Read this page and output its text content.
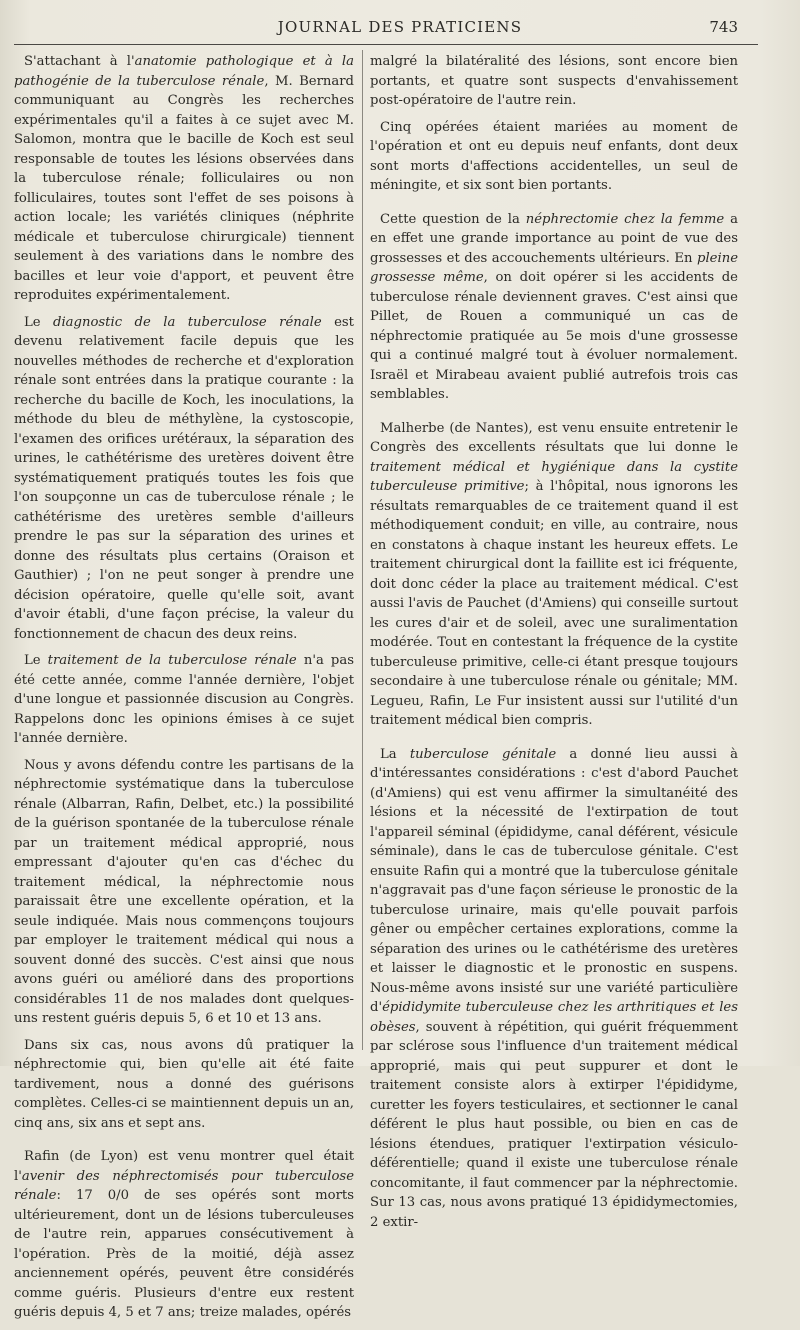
JOURNAL DES PRATICIENS	743

S'attachant à l'anatomie pathologique et à la pathogénie de la tuberculose rénale, M. Bernard communiquant au Congrès les recherches expérimentales qu'il a faites à ce sujet avec M. Salomon, montra que le bacille de Koch est seul responsable de toutes les lésions observées dans la tuberculose rénale; folliculaires ou non folliculaires, toutes sont l'effet de ses poisons à action locale; les variétés cliniques (néphrite médicale et tuberculose chirurgicale) tiennent seulement à des variations dans le nombre des bacilles et leur voie d'apport, et peuvent être reproduites expérimentalement.

Le diagnostic de la tuberculose rénale est devenu relativement facile depuis que les nouvelles méthodes de recherche et d'exploration rénale sont entrées dans la pratique courante : la recherche du bacille de Koch, les inoculations, la méthode du bleu de méthylène, la cystoscopie, l'examen des orifices urétéraux, la séparation des urines, le cathétérisme des uretères doivent être systématiquement pratiqués toutes les fois que l'on soupçonne un cas de tuberculose rénale ; le cathétérisme des uretères semble d'ailleurs prendre le pas sur la séparation des urines et donne des résultats plus certains (Oraison et Gauthier) ; l'on ne peut songer à prendre une décision opératoire, quelle qu'elle soit, avant d'avoir établi, d'une façon précise, la valeur du fonctionnement de chacun des deux reins.

Le traitement de la tuberculose rénale n'a pas été cette année, comme l'année dernière, l'objet d'une longue et passionnée discusion au Congrès. Rappelons donc les opinions émises à ce sujet l'année dernière.

Nous y avons défendu contre les partisans de la néphrectomie systématique dans la tuberculose rénale (Albarran, Rafin, Delbet, etc.) la possibilité de la guérison spontanée de la tuberculose rénale par un traitement médical approprié, nous empressant d'ajouter qu'en cas d'échec du traitement médical, la néphrectomie nous paraissait être une excellente opération, et la seule indiquée. Mais nous commençons toujours par employer le traitement médical qui nous a souvent donné des succès. C'est ainsi que nous avons guéri ou amélioré dans des proportions considérables 11 de nos malades dont quelques-uns restent guéris depuis 5, 6 et 10 et 13 ans.

Dans six cas, nous avons dû pratiquer la néphrectomie qui, bien qu'elle ait été faite tardivement, nous a donné des guérisons complètes. Celles-ci se maintiennent depuis un an, cinq ans, six ans et sept ans.

Rafin (de Lyon) est venu montrer quel était l'avenir des néphrectomisés pour tuberculose rénale: 17 0/0 de ses opérés sont morts ultérieurement, dont un de lésions tuberculeuses de l'autre rein, apparues consécutivement à l'opération. Près de la moitié, déjà assez anciennement opérés, peuvent être considérés comme guéris. Plusieurs d'entre eux restent guéris depuis 4, 5 et 7 ans; treize malades, opérés

malgré la bilatéralité des lésions, sont encore bien portants, et quatre sont suspects d'envahissement post-opératoire de l'autre rein.

Cinq opérées étaient mariées au moment de l'opération et ont eu depuis neuf enfants, dont deux sont morts d'affections accidentelles, un seul de méningite, et six sont bien portants.

Cette question de la néphrectomie chez la femme a en effet une grande importance au point de vue des grossesses et des accouchements ultérieurs. En pleine grossesse même, on doit opérer si les accidents de tuberculose rénale deviennent graves. C'est ainsi que Pillet, de Rouen a communiqué un cas de néphrectomie pratiquée au 5e mois d'une grossesse qui a continué malgré tout à évoluer normalement. Israël et Mirabeau avaient publié autrefois trois cas semblables.

Malherbe (de Nantes), est venu ensuite entretenir le Congrès des excellents résultats que lui donne le traitement médical et hygiénique dans la cystite tuberculeuse primitive; à l'hôpital, nous ignorons les résultats remarquables de ce traitement quand il est méthodiquement conduit; en ville, au contraire, nous en constatons à chaque instant les heureux effets. Le traitement chirurgical dont la faillite est ici fréquente, doit donc céder la place au traitement médical. C'est aussi l'avis de Pauchet (d'Amiens) qui conseille surtout les cures d'air et de soleil, avec une suralimentation modérée. Tout en contestant la fréquence de la cystite tuberculeuse primitive, celle-ci étant presque toujours secondaire à une tuberculose rénale ou génitale; MM. Legueu, Rafin, Le Fur insistent aussi sur l'utilité d'un traitement médical bien compris.

La tuberculose génitale a donné lieu aussi à d'intéressantes considérations : c'est d'abord Pauchet (d'Amiens) qui est venu affirmer la simultanéité des lésions et la nécessité de l'extirpation de tout l'appareil séminal (épididyme, canal déférent, vésicule séminale), dans le cas de tuberculose génitale. C'est ensuite Rafin qui a montré que la tuberculose génitale n'aggravait pas d'une façon sérieuse le pronostic de la tuberculose urinaire, mais qu'elle pouvait parfois gêner ou empêcher certaines explorations, comme la séparation des urines ou le cathétérisme des uretères et laisser le diagnostic et le pronostic en suspens. Nous-même avons insisté sur une variété particulière d'épididymite tuberculeuse chez les arthritiques et les obèses, souvent à répétition, qui guérit fréquemment par sclérose sous l'influence d'un traitement médical approprié, mais qui peut suppurer et dont le traitement consiste alors à extirper l'épididyme, curetter les foyers testiculaires, et sectionner le canal déférent le plus haut possible, ou bien en cas de lésions étendues, pratiquer l'extirpation vésiculo-déférentielle; quand il existe une tuberculose rénale concomitante, il faut commencer par la néphrectomie. Sur 13 cas, nous avons pratiqué 13 épididymectomies, 2 extir-
